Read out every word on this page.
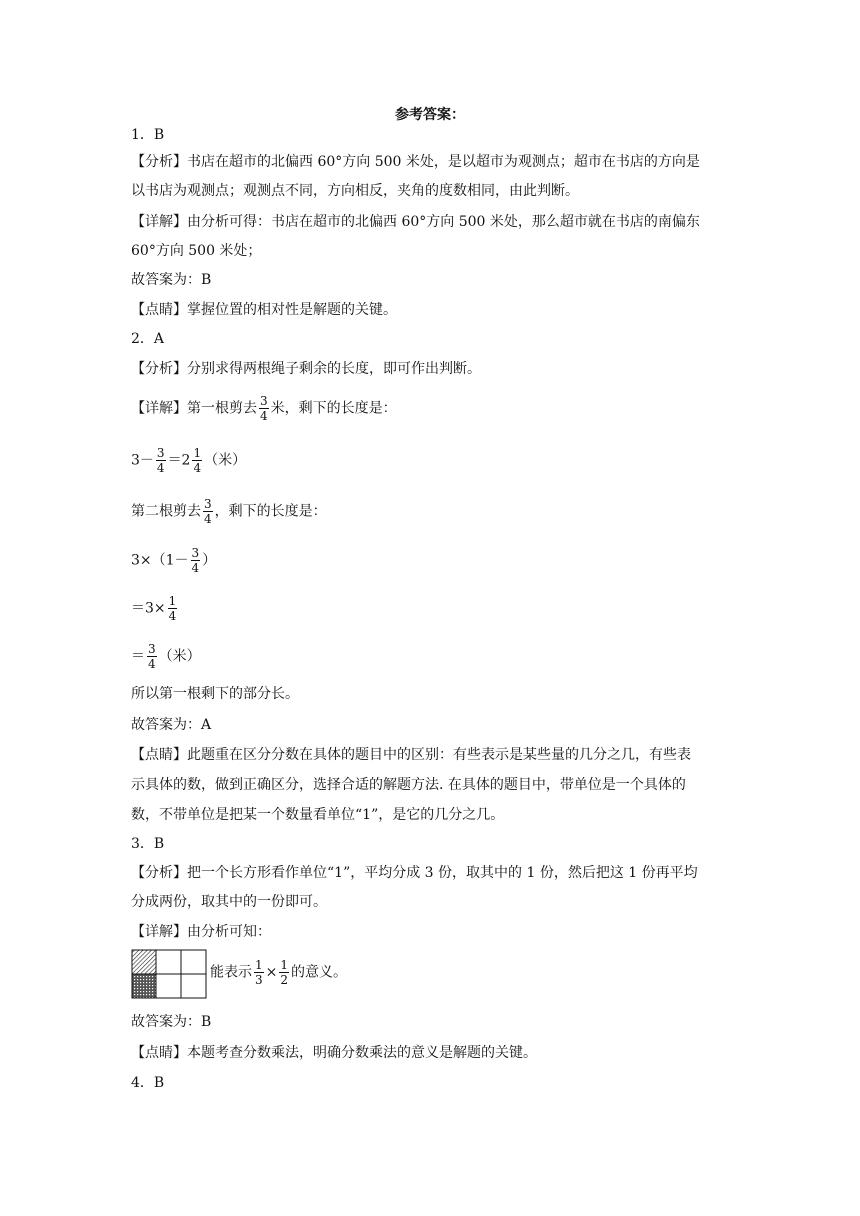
参考答案：
1．B
【分析】书店在超市的北偏西 60°方向 500 米处，是以超市为观测点；超市在书店的方向是
以书店为观测点；观测点不同，方向相反，夹角的度数相同，由此判断。
【详解】由分析可得：书店在超市的北偏西 60°方向 500 米处，那么超市就在书店的南偏东
60°方向 500 米处；
故答案为：B
【点睛】掌握位置的相对性是解题的关键。
2．A
【分析】分别求得两根绳子剩余的长度，即可作出判断。
【详解】第一根剪去 $\frac{3}{4}$ 米，剩下的长度是：
$3- \frac{3}{4} =2 \frac{1}{4}$ （米）
第二根剪去 $\frac{3}{4}$ ，剩下的长度是：
$3\times(1- \frac{3}{4}$ ）
$=3\times \frac{1}{4}$
＝ $\frac{3}{4}$ （米）
所以第一根剩下的部分长。
故答案为：A
【点睛】此题重在区分分数在具体的题目中的区别：有些表示是某些量的几分之几，有些表
示具体的数，做到正确区分，选择合适的解题方法. 在具体的题目中，带单位是一个具体的
数，不带单位是把某一个数量看单位“1”，是它的几分之几。
3．B
【分析】把一个长方形看作单位“1”，平均分成 3 份，取其中的 1 份，然后把这 1 份再平均
分成两份，取其中的一份即可。
【详解】由分析可知：
能表示 $\frac{1}{3} \times \frac{1}{2}$ 的意义。
故答案为：B
【点睛】本题考查分数乘法，明确分数乘法的意义是解题的关键。
4．B
